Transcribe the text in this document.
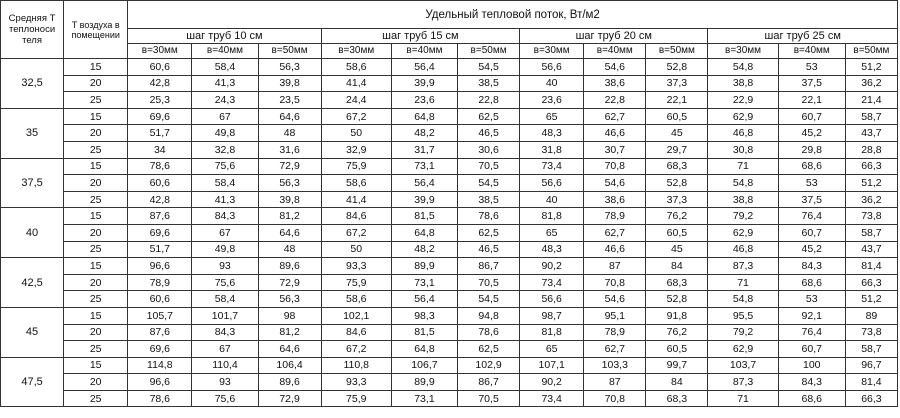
Средняя Т теплоноси теля	Т воздуха в помещении	Удельный тепловой поток, Вт/м2											
		шаг труб 10 см			шаг труб 15 см			шаг труб 20 см			шаг труб 25 см		
		в=30мм	в=40мм	в=50мм	в=30мм	в=40мм	в=50мм	в=30мм	в=40мм	в=50мм	в=30мм	в=40мм	в=50мм
32,5	15	60,6	58,4	56,3	58,6	56,4	54,5	56,6	54,6	52,8	54,8	53	51,2
	20	42,8	41,3	39,8	41,4	39,9	38,5	40	38,6	37,3	38,8	37,5	36,2
	25	25,3	24,3	23,5	24,4	23,6	22,8	23,6	22,8	22,1	22,9	22,1	21,4
35	15	69,6	67	64,6	67,2	64,8	62,5	65	62,7	60,5	62,9	60,7	58,7
	20	51,7	49,8	48	50	48,2	46,5	48,3	46,6	45	46,8	45,2	43,7
	25	34	32,8	31,6	32,9	31,7	30,6	31,8	30,7	29,7	30,8	29,8	28,8
37,5	15	78,6	75,6	72,9	75,9	73,1	70,5	73,4	70,8	68,3	71	68,6	66,3
	20	60,6	58,4	56,3	58,6	56,4	54,5	56,6	54,6	52,8	54,8	53	51,2
	25	42,8	41,3	39,8	41,4	39,9	38,5	40	38,6	37,3	38,8	37,5	36,2
40	15	87,6	84,3	81,2	84,6	81,5	78,6	81,8	78,9	76,2	79,2	76,4	73,8
	20	69,6	67	64,6	67,2	64,8	62,5	65	62,7	60,5	62,9	60,7	58,7
	25	51,7	49,8	48	50	48,2	46,5	48,3	46,6	45	46,8	45,2	43,7
42,5	15	96,6	93	89,6	93,3	89,9	86,7	90,2	87	84	87,3	84,3	81,4
	20	78,9	75,6	72,9	75,9	73,1	70,5	73,4	70,8	68,3	71	68,6	66,3
	25	60,6	58,4	56,3	58,6	56,4	54,5	56,6	54,6	52,8	54,8	53	51,2
45	15	105,7	101,7	98	102,1	98,3	94,8	98,7	95,1	91,8	95,5	92,1	89
	20	87,6	84,3	81,2	84,6	81,5	78,6	81,8	78,9	76,2	79,2	76,4	73,8
	25	69,6	67	64,6	67,2	64,8	62,5	65	62,7	60,5	62,9	60,7	58,7
47,5	15	114,8	110,4	106,4	110,8	106,7	102,9	107,1	103,3	99,7	103,7	100	96,7
	20	96,6	93	89,6	93,3	89,9	86,7	90,2	87	84	87,3	84,3	81,4
	25	78,6	75,6	72,9	75,9	73,1	70,5	73,4	70,8	68,3	71	68,6	66,3
